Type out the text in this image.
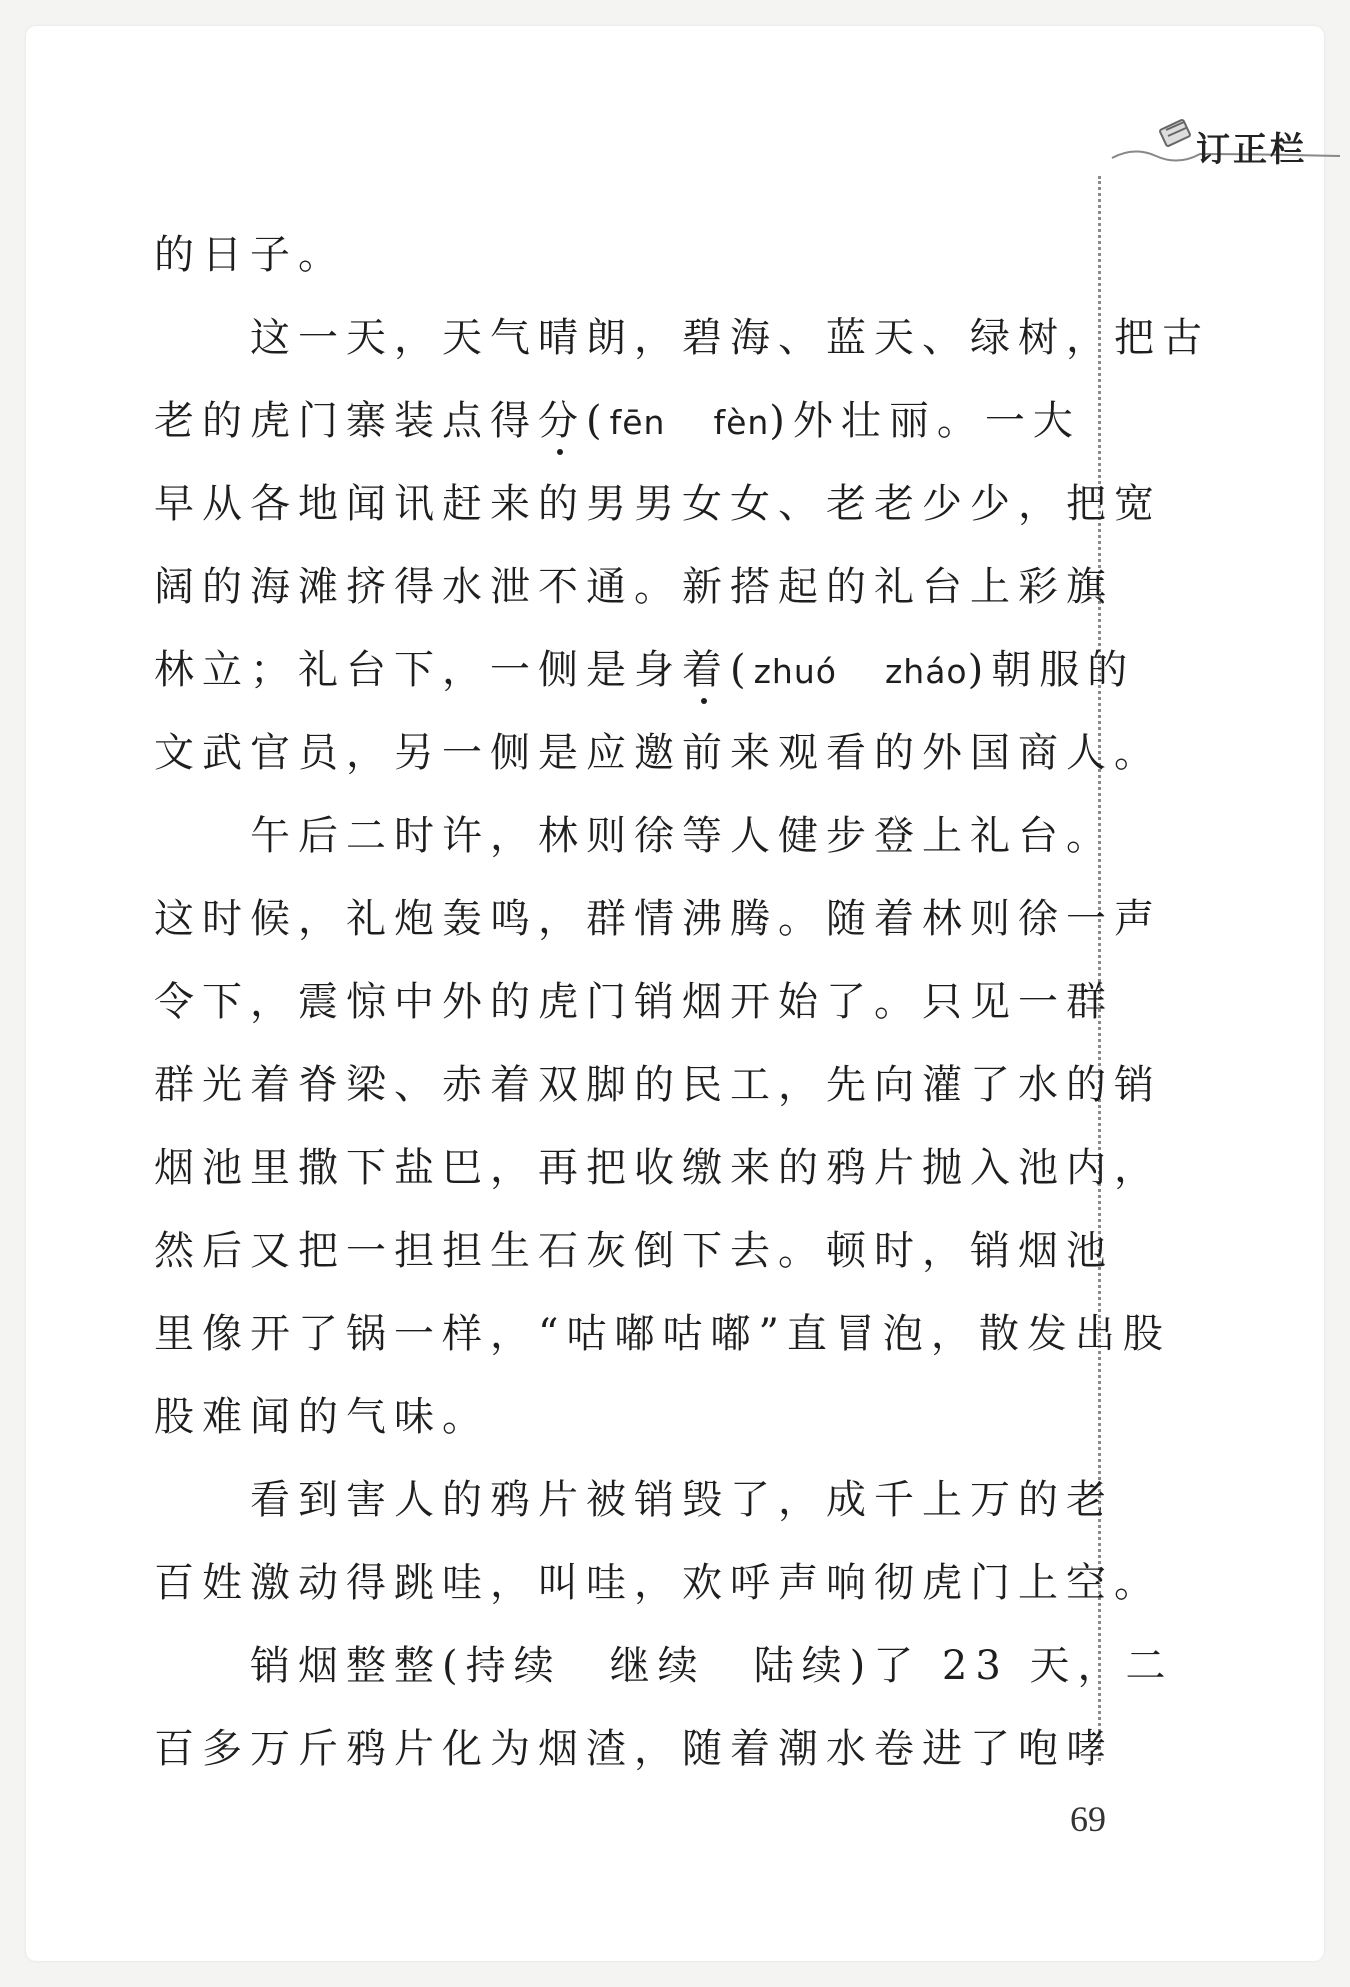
订正栏
的日子。
这一天，天气晴朗，碧海、蓝天、绿树，把古
老的虎门寨装点得分(fēn fèn)外壮丽。一大
早从各地闻讯赶来的男男女女、老老少少，把宽
阔的海滩挤得水泄不通。新搭起的礼台上彩旗
林立；礼台下，一侧是身着(zhuó zháo)朝服的
文武官员，另一侧是应邀前来观看的外国商人。
午后二时许，林则徐等人健步登上礼台。
这时候，礼炮轰鸣，群情沸腾。随着林则徐一声
令下，震惊中外的虎门销烟开始了。只见一群
群光着脊梁、赤着双脚的民工，先向灌了水的销
烟池里撒下盐巴，再把收缴来的鸦片抛入池内，
然后又把一担担生石灰倒下去。顿时，销烟池
里像开了锅一样，“咕嘟咕嘟”直冒泡，散发出股
股难闻的气味。
看到害人的鸦片被销毁了，成千上万的老
百姓激动得跳哇，叫哇，欢呼声响彻虎门上空。
销烟整整(持续 继续 陆续)了 23 天，二
百多万斤鸦片化为烟渣，随着潮水卷进了咆哮
69
